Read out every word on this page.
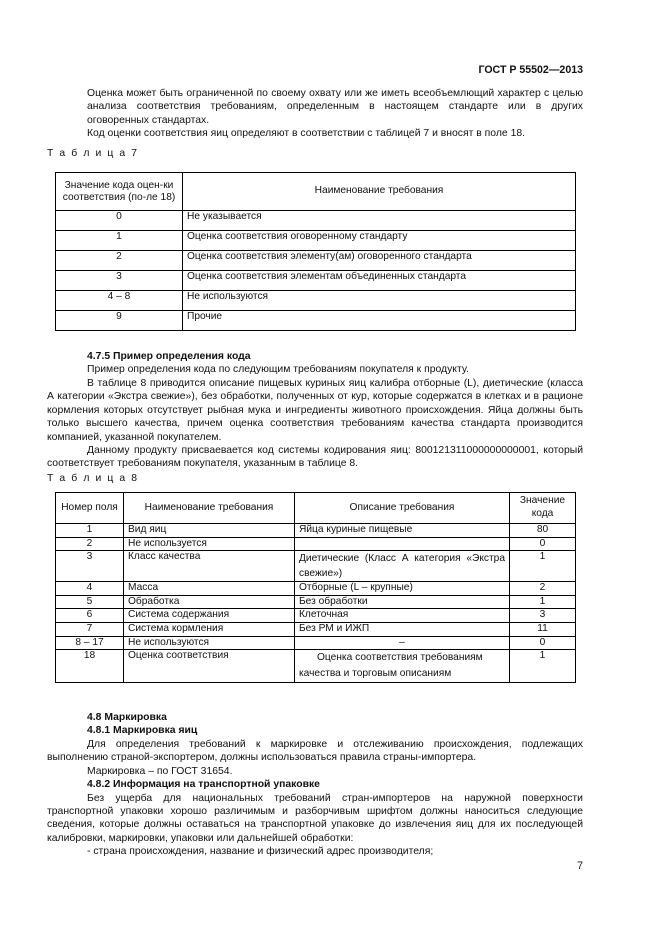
ГОСТ Р 55502—2013

Оценка может быть ограниченной по своему охвату или же иметь всеобъемлющий характер с целью анализа соответствия требованиям, определенным в настоящем стандарте или в других оговоренных стандартах.

Код оценки соответствия яиц определяют в соответствии с таблицей 7 и вносят в поле 18.

Т а б л и ц а 7
Значение кода оцен-ки соответствия (по-ле 18)	Наименование требования
0	Не указывается
1	Оценка соответствия оговоренному стандарту
2	Оценка соответствия элементу(ам) оговоренного стандарта
3	Оценка соответствия элементам объединенных стандарта
4 – 8	Не используются
9	Прочие

4.7.5 Пример определения кода

Пример определения кода по следующим требованиям покупателя к продукту.

В таблице 8 приводится описание пищевых куриных яиц калибра отборные (L), диетические (класса А категории «Экстра свежие»), без обработки, полученных от кур, которые содержатся в клетках и в рационе кормления которых отсутствует рыбная мука и ингредиенты животного происхождения. Яйца должны быть только высшего качества, причем оценка соответствия требованиям качества стандарта производится компанией, указанной покупателем.

Данному продукту присваевается код системы кодирования яиц: 800121311000000000001, который соответствует требованиям покупателя, указанным в таблице 8.

Т а б л и ц а 8
Номер поля	Наименование требования	Описание требования	Значение кода
1	Вид яиц	Яйца куриные пищевые	80
2	Не используется		0
3	Класс качества	Диетические (Класс А категория «Экстра свежие»)	1
4	Масса	Отборные (L – крупные)	2
5	Обработка	Без обработки	1
6	Система содержания	Клеточная	3
7	Система кормления	Без РМ и ИЖП	11
8 – 17	Не используются	–	0
18	Оценка соответствия	Оценка соответствия требованиям качества и торговым описаниям	1

4.8 Маркировка

4.8.1 Маркировка яиц

Для определения требований к маркировке и отслеживанию происхождения, подлежащих выполнению страной-экспортером, должны использоваться правила страны-импортера.

Маркировка – по ГОСТ 31654.

4.8.2 Информация на транспортной упаковке

Без ущерба для национальных требований стран-импортеров на наружной поверхности транспортной упаковки хорошо различимым и разборчивым шрифтом должны наноситься следующие сведения, которые должны оставаться на транспортной упаковке до извлечения яиц для их последующей калибровки, маркировки, упаковки или дальнейшей обработки:

- страна происхождения, название и физический адрес производителя;

7
